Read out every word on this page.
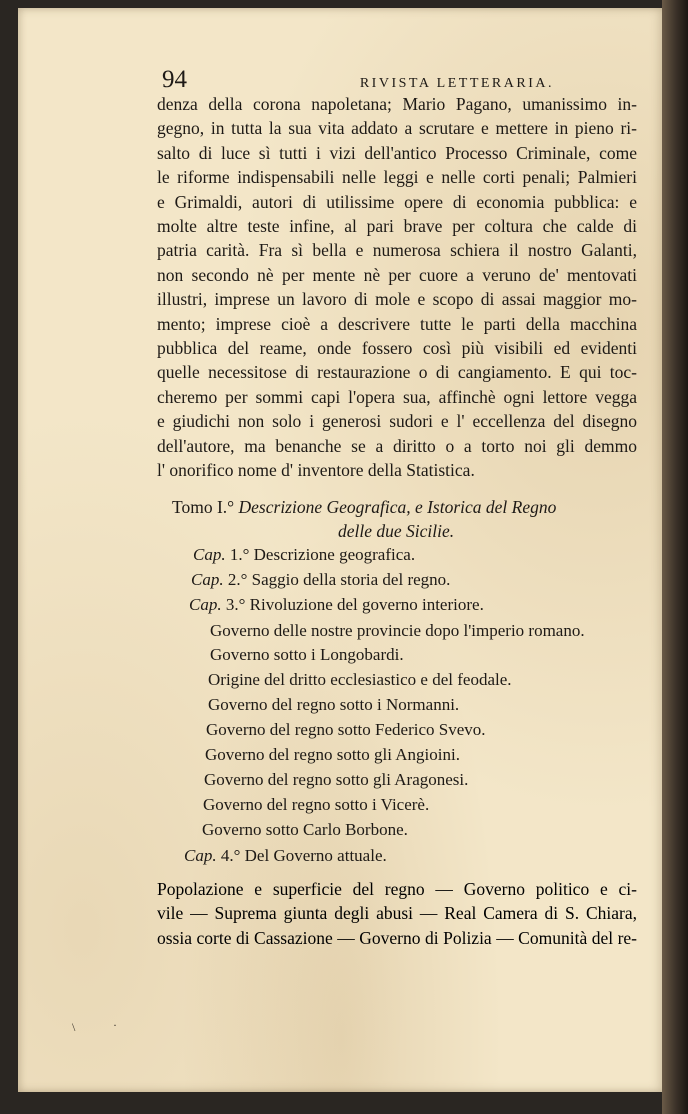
94	RIVISTA LETTERARIA.
denza della corona napoletana; Mario Pagano, umanissimo in-
gegno, in tutta la sua vita addato a scrutare e mettere in pieno ri-
salto di luce sì tutti i vizi dell'antico Processo Criminale, come
le riforme indispensabili nelle leggi e nelle corti penali; Palmieri
e Grimaldi, autori di utilissime opere di economia pubblica: e
molte altre teste infine, al pari brave per coltura che calde di
patria carità. Fra sì bella e numerosa schiera il nostro Galanti,
non secondo nè per mente nè per cuore a veruno de' mentovati
illustri, imprese un lavoro di mole e scopo di assai maggior mo-
mento; imprese cioè a descrivere tutte le parti della macchina
pubblica del reame, onde fossero così più visibili ed evidenti
quelle necessitose di restaurazione o di cangiamento. E qui toc-
cheremo per sommi capi l'opera sua, affinchè ogni lettore vegga
e giudichi non solo i generosi sudori e l' eccellenza del disegno
dell'autore, ma benanche se a diritto o a torto noi gli demmo
l' onorifico nome d' inventore della Statistica.
Tomo I.° Descrizione Geografica, e Istorica del Regno
delle due Sicilie.
Cap. 1.° Descrizione geografica.
Cap. 2.° Saggio della storia del regno.
Cap. 3.° Rivoluzione del governo interiore.
Governo delle nostre provincie dopo l'imperio romano.
Governo sotto i Longobardi.
Origine del dritto ecclesiastico e del feodale.
Governo del regno sotto i Normanni.
Governo del regno sotto Federico Svevo.
Governo del regno sotto gli Angioini.
Governo del regno sotto gli Aragonesi.
Governo del regno sotto i Vicerè.
Governo sotto Carlo Borbone.
Cap. 4.° Del Governo attuale.
Popolazione e superficie del regno — Governo politico e ci-
vile — Suprema giunta degli abusi — Real Camera di S. Chiara,
ossia corte di Cassazione — Governo di Polizia — Comunità del re-
\	·
